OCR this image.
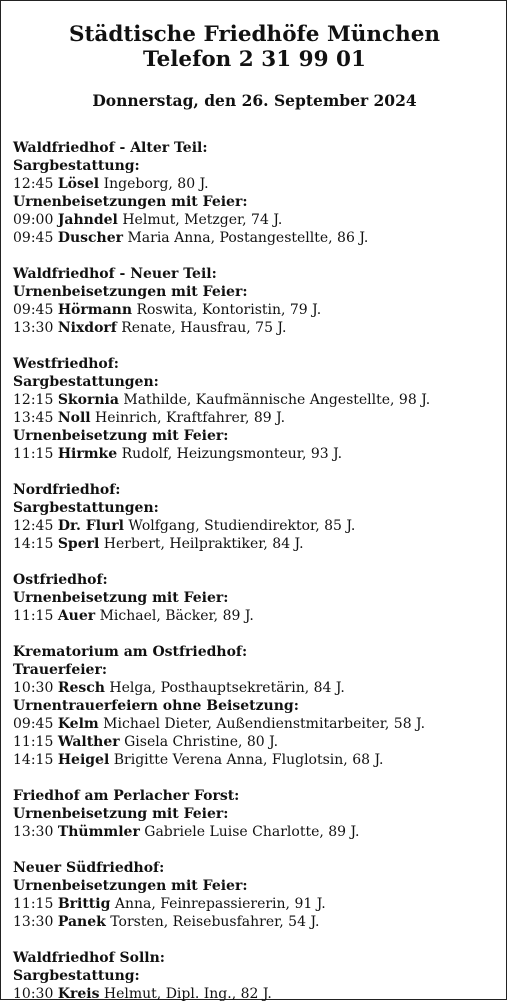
Städtische Friedhöfe München
Telefon 2 31 99 01
Donnerstag, den 26. September 2024
Waldfriedhof - Alter Teil:
Sargbestattung:
12:45 Lösel Ingeborg, 80 J.
Urnenbeisetzungen mit Feier:
09:00 Jahndel Helmut, Metzger, 74 J.
09:45 Duscher Maria Anna, Postangestellte, 86 J.
Waldfriedhof - Neuer Teil:
Urnenbeisetzungen mit Feier:
09:45 Hörmann Roswita, Kontoristin, 79 J.
13:30 Nixdorf Renate, Hausfrau, 75 J.
Westfriedhof:
Sargbestattungen:
12:15 Skornia Mathilde, Kaufmännische Angestellte, 98 J.
13:45 Noll Heinrich, Kraftfahrer, 89 J.
Urnenbeisetzung mit Feier:
11:15 Hirmke Rudolf, Heizungsmonteur, 93 J.
Nordfriedhof:
Sargbestattungen:
12:45 Dr. Flurl Wolfgang, Studiendirektor, 85 J.
14:15 Sperl Herbert, Heilpraktiker, 84 J.
Ostfriedhof:
Urnenbeisetzung mit Feier:
11:15 Auer Michael, Bäcker, 89 J.
Krematorium am Ostfriedhof:
Trauerfeier:
10:30 Resch Helga, Posthauptsekretärin, 84 J.
Urnentrauerfeiern ohne Beisetzung:
09:45 Kelm Michael Dieter, Außendienstmitarbeiter, 58 J.
11:15 Walther Gisela Christine, 80 J.
14:15 Heigel Brigitte Verena Anna, Fluglotsin, 68 J.
Friedhof am Perlacher Forst:
Urnenbeisetzung mit Feier:
13:30 Thümmler Gabriele Luise Charlotte, 89 J.
Neuer Südfriedhof:
Urnenbeisetzungen mit Feier:
11:15 Brittig Anna, Feinrepassiererin, 91 J.
13:30 Panek Torsten, Reisebusfahrer, 54 J.
Waldfriedhof Solln:
Sargbestattung:
10:30 Kreis Helmut, Dipl. Ing., 82 J.
